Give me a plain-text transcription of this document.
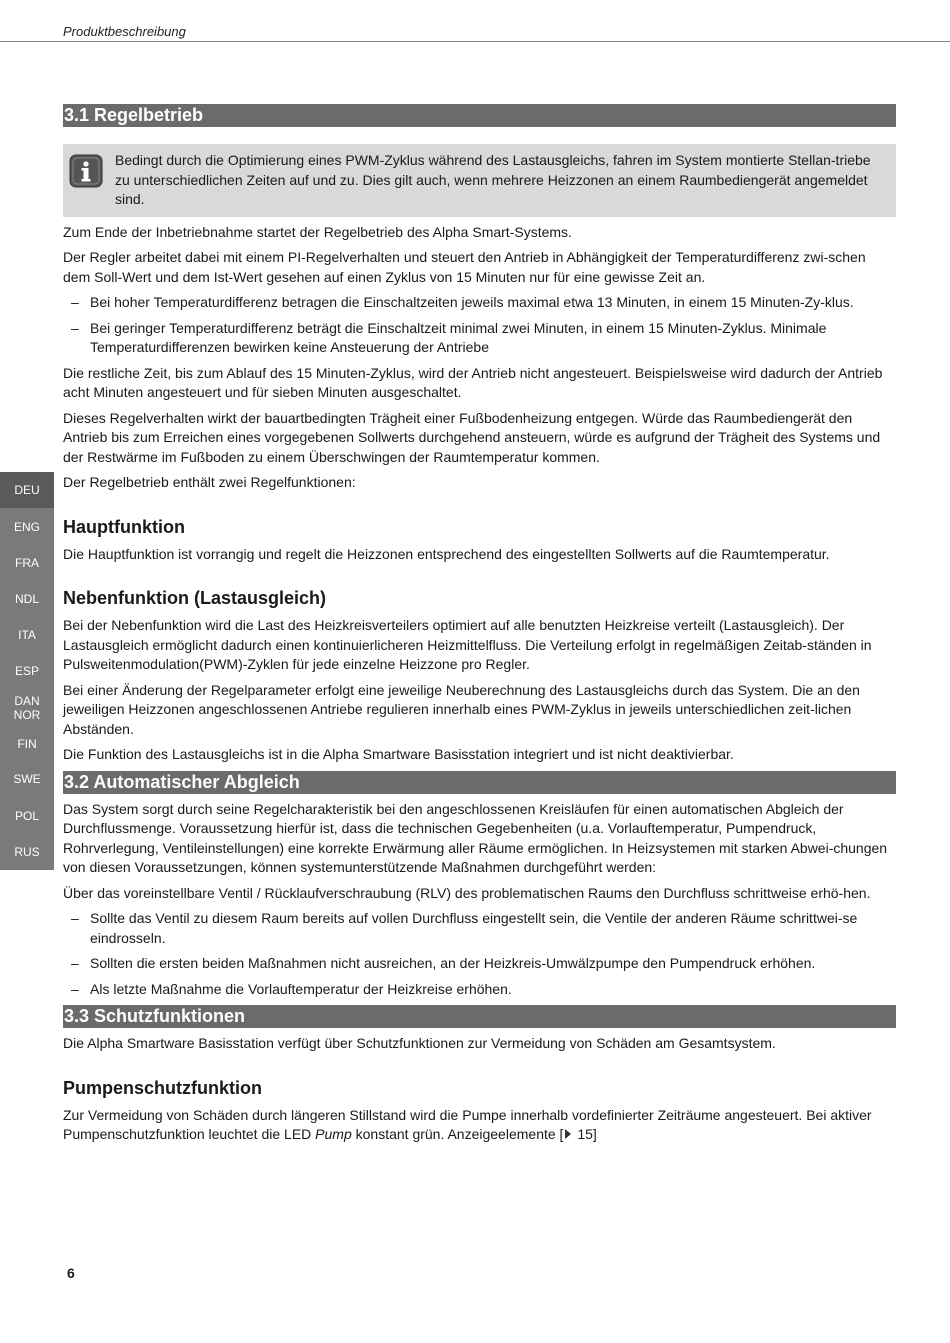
Produktbeschreibung
DEU
ENG
FRA
NDL
ITA
ESP
DAN
NOR
FIN
SWE
POL
RUS
3.1 Regelbetrieb
Bedingt durch die Optimierung eines PWM-Zyklus während des Lastausgleichs, fahren im System montierte Stellan-triebe zu unterschiedlichen Zeiten auf und zu. Dies gilt auch, wenn mehrere Heizzonen an einem Raumbediengerät angemeldet sind.

Zum Ende der Inbetriebnahme startet der Regelbetrieb des Alpha Smart-Systems.

Der Regler arbeitet dabei mit einem PI-Regelverhalten und steuert den Antrieb in Abhängigkeit der Temperaturdifferenz zwi-schen dem Soll-Wert und dem Ist-Wert gesehen auf einen Zyklus von 15 Minuten nur für eine gewisse Zeit an.

– Bei hoher Temperaturdifferenz betragen die Einschaltzeiten jeweils maximal etwa 13 Minuten, in einem 15 Minuten-Zy-klus.
– Bei geringer Temperaturdifferenz beträgt die Einschaltzeit minimal zwei Minuten, in einem 15 Minuten-Zyklus. Minimale Temperaturdifferenzen bewirken keine Ansteuerung der Antriebe

Die restliche Zeit, bis zum Ablauf des 15 Minuten-Zyklus, wird der Antrieb nicht angesteuert. Beispielsweise wird dadurch der Antrieb acht Minuten angesteuert und für sieben Minuten ausgeschaltet.

Dieses Regelverhalten wirkt der bauartbedingten Trägheit einer Fußbodenheizung entgegen. Würde das Raumbediengerät den Antrieb bis zum Erreichen eines vorgegebenen Sollwerts durchgehend ansteuern, würde es aufgrund der Trägheit des Systems und der Restwärme im Fußboden zu einem Überschwingen der Raumtemperatur kommen.

Der Regelbetrieb enthält zwei Regelfunktionen:

Hauptfunktion

Die Hauptfunktion ist vorrangig und regelt die Heizzonen entsprechend des eingestellten Sollwerts auf die Raumtemperatur.

Nebenfunktion (Lastausgleich)

Bei der Nebenfunktion wird die Last des Heizkreisverteilers optimiert auf alle benutzten Heizkreise verteilt (Lastausgleich). Der Lastausgleich ermöglicht dadurch einen kontinuierlicheren Heizmittelfluss. Die Verteilung erfolgt in regelmäßigen Zeitab-ständen in Pulsweitenmodulation(PWM)-Zyklen für jede einzelne Heizzone pro Regler.

Bei einer Änderung der Regelparameter erfolgt eine jeweilige Neuberechnung des Lastausgleichs durch das System. Die an den jeweiligen Heizzonen angeschlossenen Antriebe regulieren innerhalb eines PWM-Zyklus in jeweils unterschiedlichen zeit-lichen Abständen.

Die Funktion des Lastausgleichs ist in die Alpha Smartware Basisstation integriert und ist nicht deaktivierbar.

3.2 Automatischer Abgleich

Das System sorgt durch seine Regelcharakteristik bei den angeschlossenen Kreisläufen für einen automatischen Abgleich der Durchflussmenge. Voraussetzung hierfür ist, dass die technischen Gegebenheiten (u.a. Vorlauftemperatur, Pumpendruck, Rohrverlegung, Ventileinstellungen) eine korrekte Erwärmung aller Räume ermöglichen. In Heizsystemen mit starken Abwei-chungen von diesen Voraussetzungen, können systemunterstützende Maßnahmen durchgeführt werden:

Über das voreinstellbare Ventil / Rücklaufverschraubung (RLV) des problematischen Raums den Durchfluss schrittweise erhö-hen.

– Sollte das Ventil zu diesem Raum bereits auf vollen Durchfluss eingestellt sein, die Ventile der anderen Räume schrittwei-se eindrosseln.
– Sollten die ersten beiden Maßnahmen nicht ausreichen, an der Heizkreis-Umwälzpumpe den Pumpendruck erhöhen.
– Als letzte Maßnahme die Vorlauftemperatur der Heizkreise erhöhen.
3.3 Schutzfunktionen

Die Alpha Smartware Basisstation verfügt über Schutzfunktionen zur Vermeidung von Schäden am Gesamtsystem.

Pumpenschutzfunktion

Zur Vermeidung von Schäden durch längeren Stillstand wird die Pumpe innerhalb vordefinierter Zeiträume angesteuert. Bei aktiver Pumpenschutzfunktion leuchtet die LED Pump konstant grün. Anzeigeelemente [ 15]

6
